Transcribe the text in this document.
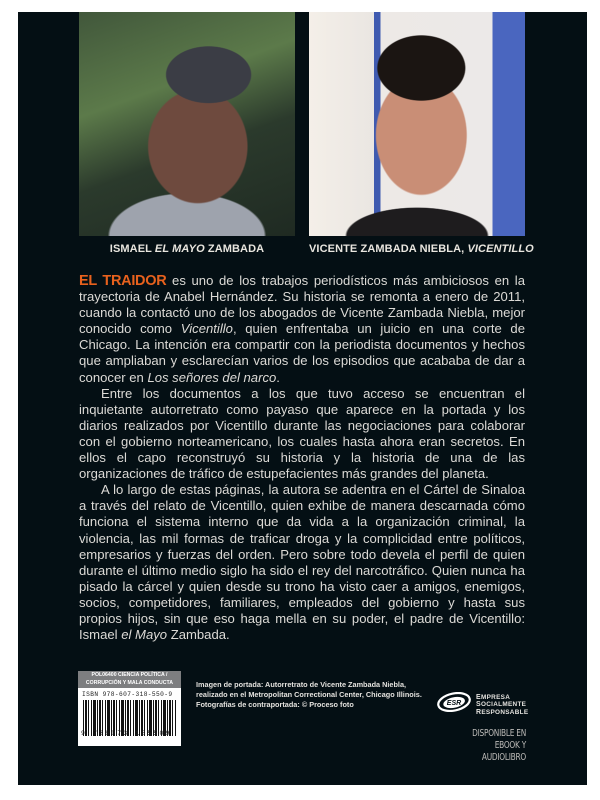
ISMAEL EL MAYO ZAMBADA	VICENTE ZAMBADA NIEBLA, VICENTILLO

EL TRAIDOR es uno de los trabajos periodísticos más ambiciosos en la trayectoria de Anabel Hernández. Su historia se remonta a enero de 2011, cuando la contactó uno de los abogados de Vicente Zambada Niebla, mejor conocido como Vicentillo, quien enfrentaba un juicio en una corte de Chicago. La intención era compartir con la periodista documentos y hechos que ampliaban y esclarecían varios de los episodios que acababa de dar a conocer en Los señores del narco.

Entre los documentos a los que tuvo acceso se encuentran el inquietante autorretrato como payaso que aparece en la portada y los diarios realizados por Vicentillo durante las negociaciones para colaborar con el gobierno norteamericano, los cuales hasta ahora eran secretos. En ellos el capo reconstruyó su historia y la historia de una de las organizaciones de tráfico de estupefacientes más grandes del planeta.

A lo largo de estas páginas, la autora se adentra en el Cártel de Sinaloa a través del relato de Vicentillo, quien exhibe de manera descarnada cómo funciona el sistema interno que da vida a la organización criminal, la violencia, las mil formas de traficar droga y la complicidad entre políticos, empresarios y fuerzas del orden. Pero sobre todo devela el perfil de quien durante el último medio siglo ha sido el rey del narcotráfico. Quien nunca ha pisado la cárcel y quien desde su trono ha visto caer a amigos, enemigos, socios, competidores, familiares, empleados del gobierno y hasta sus propios hijos, sin que eso haga mella en su poder, el padre de Vicentillo: Ismael el Mayo Zambada.

POL06400 CIENCIA POLÍTICA /
CORRUPCIÓN Y MALA CONDUCTA
ISBN 978-607-318-550-9
9 786073 185509
Imagen de portada: Autorretrato de Vicente Zambada Niebla,
realizado en el Metropolitan Correctional Center, Chicago Illinois.
Fotografías de contraportada: © Proceso foto	ESR
EMPRESA
SOCIALMENTE
RESPONSABLE
DISPONIBLE EN
EBOOK Y AUDIOLIBRO
